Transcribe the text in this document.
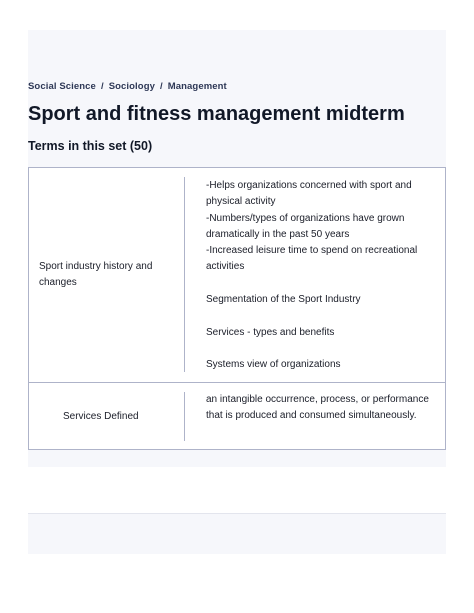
Social Science / Sociology / Management
Sport and fitness management midterm
Terms in this set (50)
Sport industry history and changes

-Helps organizations concerned with sport and physical activity

-Numbers/types of organizations have grown dramatically in the past 50 years

-Increased leisure time to spend on recreational activities

Segmentation of the Sport Industry

Services - types and benefits

Systems view of organizations

Services Defined

an intangible occurrence, process, or performance that is produced and consumed simultaneously.
